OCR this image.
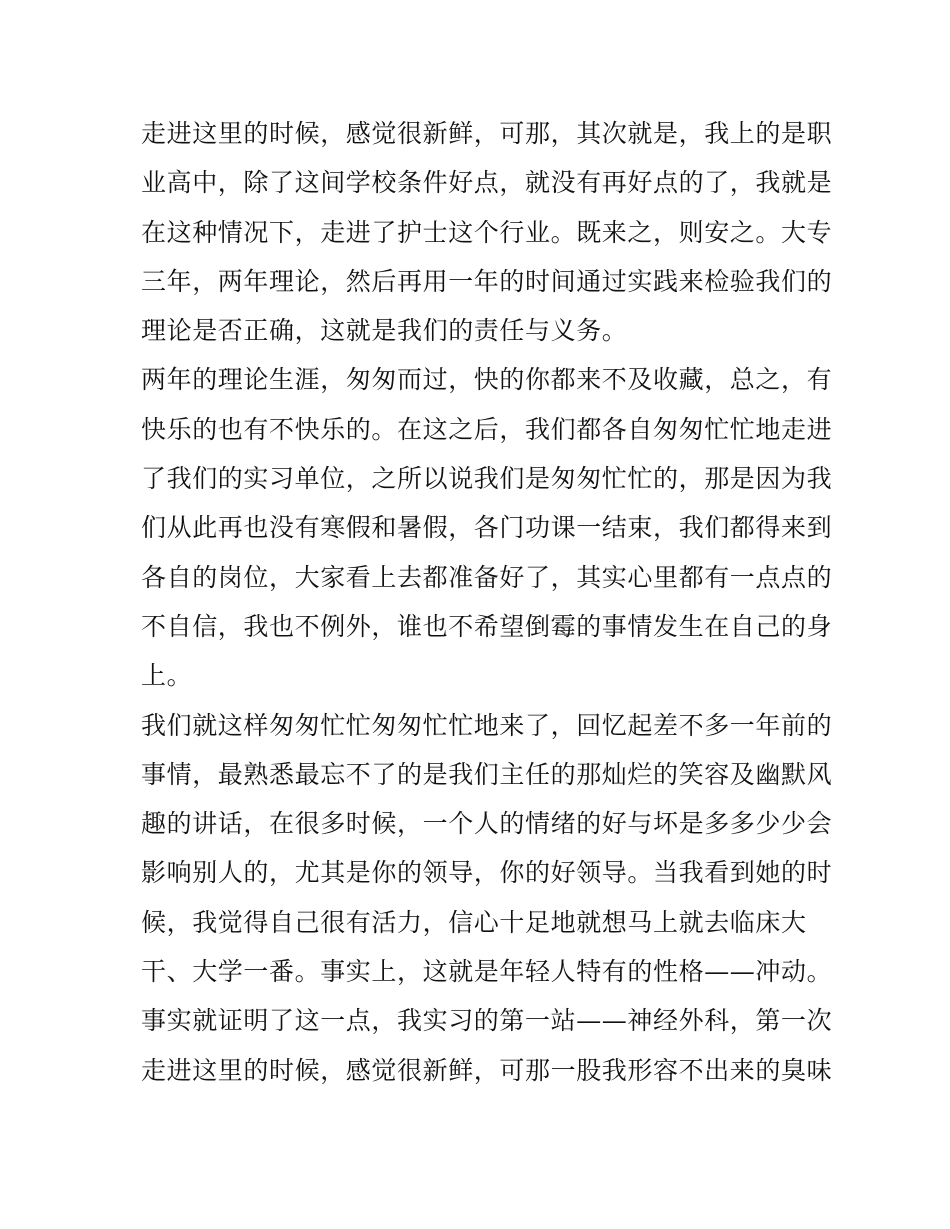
走进这里的时候，感觉很新鲜，可那，其次就是，我上的是职
业高中，除了这间学校条件好点，就没有再好点的了，我就是
在这种情况下，走进了护士这个行业。既来之，则安之。大专
三年，两年理论，然后再用一年的时间通过实践来检验我们的
理论是否正确，这就是我们的责任与义务。
两年的理论生涯，匆匆而过，快的你都来不及收藏，总之，有
快乐的也有不快乐的。在这之后，我们都各自匆匆忙忙地走进
了我们的实习单位，之所以说我们是匆匆忙忙的，那是因为我
们从此再也没有寒假和暑假，各门功课一结束，我们都得来到
各自的岗位，大家看上去都准备好了，其实心里都有一点点的
不自信，我也不例外，谁也不希望倒霉的事情发生在自己的身
上。
我们就这样匆匆忙忙匆匆忙忙地来了，回忆起差不多一年前的
事情，最熟悉最忘不了的是我们主任的那灿烂的笑容及幽默风
趣的讲话，在很多时候，一个人的情绪的好与坏是多多少少会
影响别人的，尤其是你的领导，你的好领导。当我看到她的时
候，我觉得自己很有活力，信心十足地就想马上就去临床大
干、大学一番。事实上，这就是年轻人特有的性格——冲动。
事实就证明了这一点，我实习的第一站——神经外科，第一次
走进这里的时候，感觉很新鲜，可那一股我形容不出来的臭味
